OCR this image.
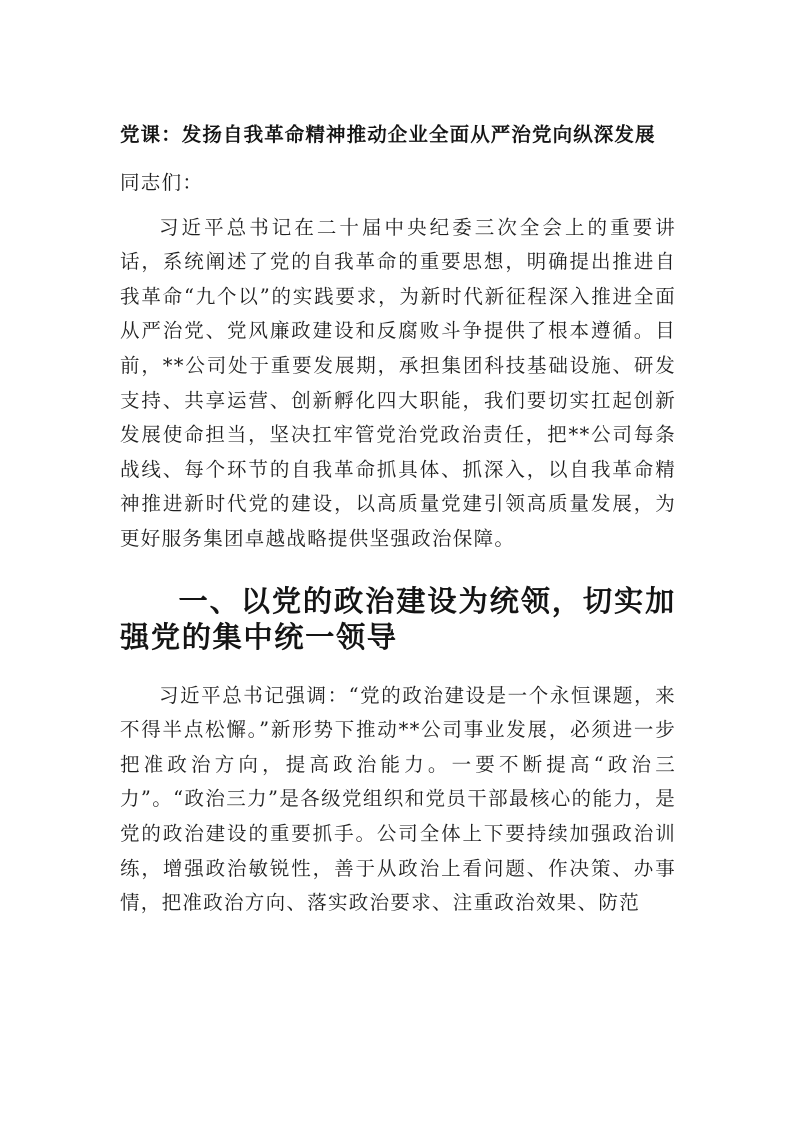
党课：发扬自我革命精神推动企业全面从严治党向纵深发展

同志们：

习近平总书记在二十届中央纪委三次全会上的重要讲话，系统阐述了党的自我革命的重要思想，明确提出推进自我革命“九个以”的实践要求，为新时代新征程深入推进全面从严治党、党风廉政建设和反腐败斗争提供了根本遵循。目前，**公司处于重要发展期，承担集团科技基础设施、研发支持、共享运营、创新孵化四大职能，我们要切实扛起创新发展使命担当，坚决扛牢管党治党政治责任，把**公司每条战线、每个环节的自我革命抓具体、抓深入，以自我革命精神推进新时代党的建设，以高质量党建引领高质量发展，为更好服务集团卓越战略提供坚强政治保障。

一、以党的政治建设为统领，切实加强党的集中统一领导

习近平总书记强调：“党的政治建设是一个永恒课题，来不得半点松懈。”新形势下推动**公司事业发展，必须进一步把准政治方向，提高政治能力。一要不断提高“政治三力”。“政治三力”是各级党组织和党员干部最核心的能力，是党的政治建设的重要抓手。公司全体上下要持续加强政治训练，增强政治敏锐性，善于从政治上看问题、作决策、办事情，把准政治方向、落实政治要求、注重政治效果、防范
